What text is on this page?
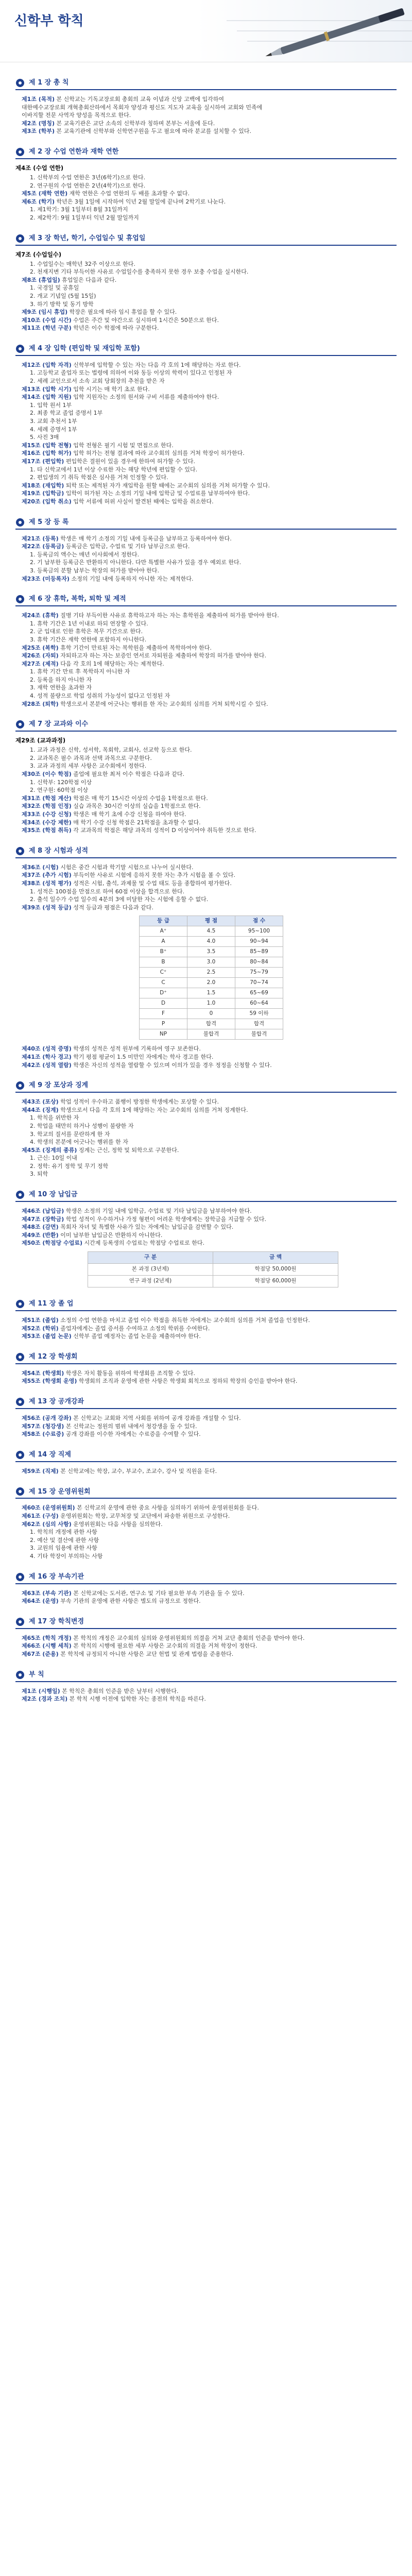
신학부 학칙
제 1 장 총 칙
제1조 (목적) 본 신학교는 기독교장로회 총회의 교육 이념과 신앙 고백에 입각하여
대한예수교장로회 개혁총회산하에서 목회자 양성과 평신도 지도자 교육을 실시하여 교회와 민족에
이바지할 전문 사역자 양성을 목적으로 한다.
제2조 (명칭) 본 교육기관은 교단 소속의 신학부라 칭하며 본부는 서울에 둔다.
제3조 (학부) 본 교육기관에 신학부와 신학연구원을 두고 필요에 따라 분교를 설치할 수 있다.
제 2 장 수업 연한과 재학 연한
제4조 (수업 연한)
1. 신학부의 수업 연한은 3년(6학기)으로 한다.
2. 연구원의 수업 연한은 2년(4학기)으로 한다.
제5조 (재학 연한) 재학 연한은 수업 연한의 두 배를 초과할 수 없다.
제6조 (학기) 학년은 3월 1일에 시작하여 익년 2월 말일에 끝나며 2학기로 나눈다.
1. 제1학기: 3월 1일부터 8월 31일까지
2. 제2학기: 9월 1일부터 익년 2월 말일까지
제 3 장 학년, 학기, 수업일수 및 휴업일
제7조 (수업일수)
1. 수업일수는 매학년 32주 이상으로 한다.
2. 천재지변 기타 부득이한 사유로 수업일수를 충족하지 못한 경우 보충 수업을 실시한다.
제8조 (휴업일) 휴업일은 다음과 같다.
1. 국경일 및 공휴일
2. 개교 기념일 (5월 15일)
3. 하기 방학 및 동기 방학
제9조 (임시 휴업) 학장은 필요에 따라 임시 휴업을 할 수 있다.
제10조 (수업 시간) 수업은 주간 및 야간으로 실시하며 1시간은 50분으로 한다.
제11조 (학년 구분) 학년은 이수 학점에 따라 구분한다.
제 4 장 입학 (편입학 및 재입학 포함)
제12조 (입학 자격) 신학부에 입학할 수 있는 자는 다음 각 호의 1에 해당하는 자로 한다.
1. 고등학교 졸업자 또는 법령에 의하여 이와 동등 이상의 학력이 있다고 인정된 자
2. 세례 교인으로서 소속 교회 당회장의 추천을 받은 자
제13조 (입학 시기) 입학 시기는 매 학기 초로 한다.
제14조 (입학 지원) 입학 지원자는 소정의 원서와 구비 서류를 제출하여야 한다.
1. 입학 원서 1부
2. 최종 학교 졸업 증명서 1부
3. 교회 추천서 1부
4. 세례 증명서 1부
5. 사진 3매
제15조 (입학 전형) 입학 전형은 필기 시험 및 면접으로 한다.
제16조 (입학 허가) 입학 허가는 전형 결과에 따라 교수회의 심의를 거쳐 학장이 허가한다.
제17조 (편입학) 편입학은 결원이 있을 경우에 한하여 허가할 수 있다.
1. 타 신학교에서 1년 이상 수료한 자는 해당 학년에 편입할 수 있다.
2. 편입생의 기 취득 학점은 심사를 거쳐 인정할 수 있다.
제18조 (재입학) 퇴학 또는 제적된 자가 재입학을 원할 때에는 교수회의 심의를 거쳐 허가할 수 있다.
제19조 (입학금) 입학이 허가된 자는 소정의 기일 내에 입학금 및 수업료를 납부하여야 한다.
제20조 (입학 취소) 입학 서류에 허위 사실이 발견된 때에는 입학을 취소한다.
제 5 장 등 록
제21조 (등록) 학생은 매 학기 소정의 기일 내에 등록금을 납부하고 등록하여야 한다.
제22조 (등록금) 등록금은 입학금, 수업료 및 기타 납부금으로 한다.
1. 등록금의 액수는 매년 이사회에서 정한다.
2. 기 납부한 등록금은 반환하지 아니한다. 다만 특별한 사유가 있을 경우 예외로 한다.
3. 등록금의 분할 납부는 학장의 허가를 받아야 한다.
제23조 (미등록자) 소정의 기일 내에 등록하지 아니한 자는 제적한다.
제 6 장 휴학, 복학, 퇴학 및 제적
제24조 (휴학) 질병 기타 부득이한 사유로 휴학하고자 하는 자는 휴학원을 제출하여 허가를 받아야 한다.
1. 휴학 기간은 1년 이내로 하되 연장할 수 있다.
2. 군 입대로 인한 휴학은 복무 기간으로 한다.
3. 휴학 기간은 재학 연한에 포함하지 아니한다.
제25조 (복학) 휴학 기간이 만료된 자는 복학원을 제출하여 복학하여야 한다.
제26조 (자퇴) 자퇴하고자 하는 자는 보증인 연서로 자퇴원을 제출하여 학장의 허가를 받아야 한다.
제27조 (제적) 다음 각 호의 1에 해당하는 자는 제적한다.
1. 휴학 기간 만료 후 복학하지 아니한 자
2. 등록을 하지 아니한 자
3. 재학 연한을 초과한 자
4. 성적 불량으로 학업 성취의 가능성이 없다고 인정된 자
제28조 (퇴학) 학생으로서 본분에 어긋나는 행위를 한 자는 교수회의 심의를 거쳐 퇴학시킬 수 있다.
제 7 장 교과와 이수
제29조 (교과과정)
1. 교과 과정은 신학, 성서학, 목회학, 교회사, 선교학 등으로 한다.
2. 교과목은 필수 과목과 선택 과목으로 구분한다.
3. 교과 과정의 세부 사항은 교수회에서 정한다.
제30조 (이수 학점) 졸업에 필요한 최저 이수 학점은 다음과 같다.
1. 신학부: 120학점 이상
2. 연구원: 60학점 이상
제31조 (학점 계산) 학점은 매 학기 15시간 이상의 수업을 1학점으로 한다.
제32조 (학점 인정) 실습 과목은 30시간 이상의 실습을 1학점으로 한다.
제33조 (수강 신청) 학생은 매 학기 초에 수강 신청을 하여야 한다.
제34조 (수강 제한) 매 학기 수강 신청 학점은 21학점을 초과할 수 없다.
제35조 (학점 취득) 각 교과목의 학점은 해당 과목의 성적이 D 이상이어야 취득한 것으로 한다.
제 8 장 시험과 성적
제36조 (시험) 시험은 중간 시험과 학기말 시험으로 나누어 실시한다.
제37조 (추가 시험) 부득이한 사유로 시험에 응하지 못한 자는 추가 시험을 볼 수 있다.
제38조 (성적 평가) 성적은 시험, 출석, 과제물 및 수업 태도 등을 종합하여 평가한다.
1. 성적은 100점을 만점으로 하여 60점 이상을 합격으로 한다.
2. 출석 일수가 수업 일수의 4분의 3에 미달한 자는 시험에 응할 수 없다.
제39조 (성적 등급) 성적 등급과 평점은 다음과 같다.
등 급	평 점	점 수
A⁺	4.5	95~100
A	4.0	90~94
B⁺	3.5	85~89
B	3.0	80~84
C⁺	2.5	75~79
C	2.0	70~74
D⁺	1.5	65~69
D	1.0	60~64
F	0	59 이하
P	합격	합격
NP	불합격	불합격
제40조 (성적 증명) 학생의 성적은 성적 원부에 기록하여 영구 보존한다.
제41조 (학사 경고) 학기 평점 평균이 1.5 미만인 자에게는 학사 경고를 한다.
제42조 (성적 열람) 학생은 자신의 성적을 열람할 수 있으며 이의가 있을 경우 정정을 신청할 수 있다.
제 9 장 포상과 징계
제43조 (포상) 학업 성적이 우수하고 품행이 방정한 학생에게는 포상할 수 있다.
제44조 (징계) 학생으로서 다음 각 호의 1에 해당하는 자는 교수회의 심의를 거쳐 징계한다.
1. 학칙을 위반한 자
2. 학업을 태만히 하거나 성행이 불량한 자
3. 학교의 질서를 문란하게 한 자
4. 학생의 본분에 어긋나는 행위를 한 자
제45조 (징계의 종류) 징계는 근신, 정학 및 퇴학으로 구분한다.
1. 근신: 10일 이내
2. 정학: 유기 정학 및 무기 정학
3. 퇴학
제 10 장 납입금
제46조 (납입금) 학생은 소정의 기일 내에 입학금, 수업료 및 기타 납입금을 납부하여야 한다.
제47조 (장학금) 학업 성적이 우수하거나 가정 형편이 어려운 학생에게는 장학금을 지급할 수 있다.
제48조 (감면) 목회자 자녀 및 특별한 사유가 있는 자에게는 납입금을 감면할 수 있다.
제49조 (반환) 이미 납부한 납입금은 반환하지 아니한다.
제50조 (학점당 수업료) 시간제 등록생의 수업료는 학점당 수업료로 한다.
구 분	금 액
본 과정 (3년제)	학점당 50,000원
연구 과정 (2년제)	학점당 60,000원
제 11 장 졸 업
제51조 (졸업) 소정의 수업 연한을 마치고 졸업 이수 학점을 취득한 자에게는 교수회의 심의를 거쳐 졸업을 인정한다.
제52조 (학위) 졸업자에게는 졸업 증서를 수여하고 소정의 학위를 수여한다.
제53조 (졸업 논문) 신학부 졸업 예정자는 졸업 논문을 제출하여야 한다.
제 12 장 학생회
제54조 (학생회) 학생은 자치 활동을 위하여 학생회를 조직할 수 있다.
제55조 (학생회 운영) 학생회의 조직과 운영에 관한 사항은 학생회 회칙으로 정하되 학장의 승인을 받아야 한다.
제 13 장 공개강좌
제56조 (공개 강좌) 본 신학교는 교회와 지역 사회를 위하여 공개 강좌를 개설할 수 있다.
제57조 (청강생) 본 신학교는 정원의 범위 내에서 청강생을 둘 수 있다.
제58조 (수료증) 공개 강좌를 이수한 자에게는 수료증을 수여할 수 있다.
제 14 장 직제
제59조 (직제) 본 신학교에는 학장, 교수, 부교수, 조교수, 강사 및 직원을 둔다.
제 15 장 운영위원회
제60조 (운영위원회) 본 신학교의 운영에 관한 중요 사항을 심의하기 위하여 운영위원회를 둔다.
제61조 (구성) 운영위원회는 학장, 교무처장 및 교단에서 파송한 위원으로 구성한다.
제62조 (심의 사항) 운영위원회는 다음 사항을 심의한다.
1. 학칙의 개정에 관한 사항
2. 예산 및 결산에 관한 사항
3. 교원의 임용에 관한 사항
4. 기타 학장이 부의하는 사항
제 16 장 부속기관
제63조 (부속 기관) 본 신학교에는 도서관, 연구소 및 기타 필요한 부속 기관을 둘 수 있다.
제64조 (운영) 부속 기관의 운영에 관한 사항은 별도의 규정으로 정한다.
제 17 장 학칙변경
제65조 (학칙 개정) 본 학칙의 개정은 교수회의 심의와 운영위원회의 의결을 거쳐 교단 총회의 인준을 받아야 한다.
제66조 (시행 세칙) 본 학칙의 시행에 필요한 세부 사항은 교수회의 의결을 거쳐 학장이 정한다.
제67조 (준용) 본 학칙에 규정되지 아니한 사항은 교단 헌법 및 관계 법령을 준용한다.
부 칙
제1조 (시행일) 본 학칙은 총회의 인준을 받은 날부터 시행한다.
제2조 (경과 조치) 본 학칙 시행 이전에 입학한 자는 종전의 학칙을 따른다.
